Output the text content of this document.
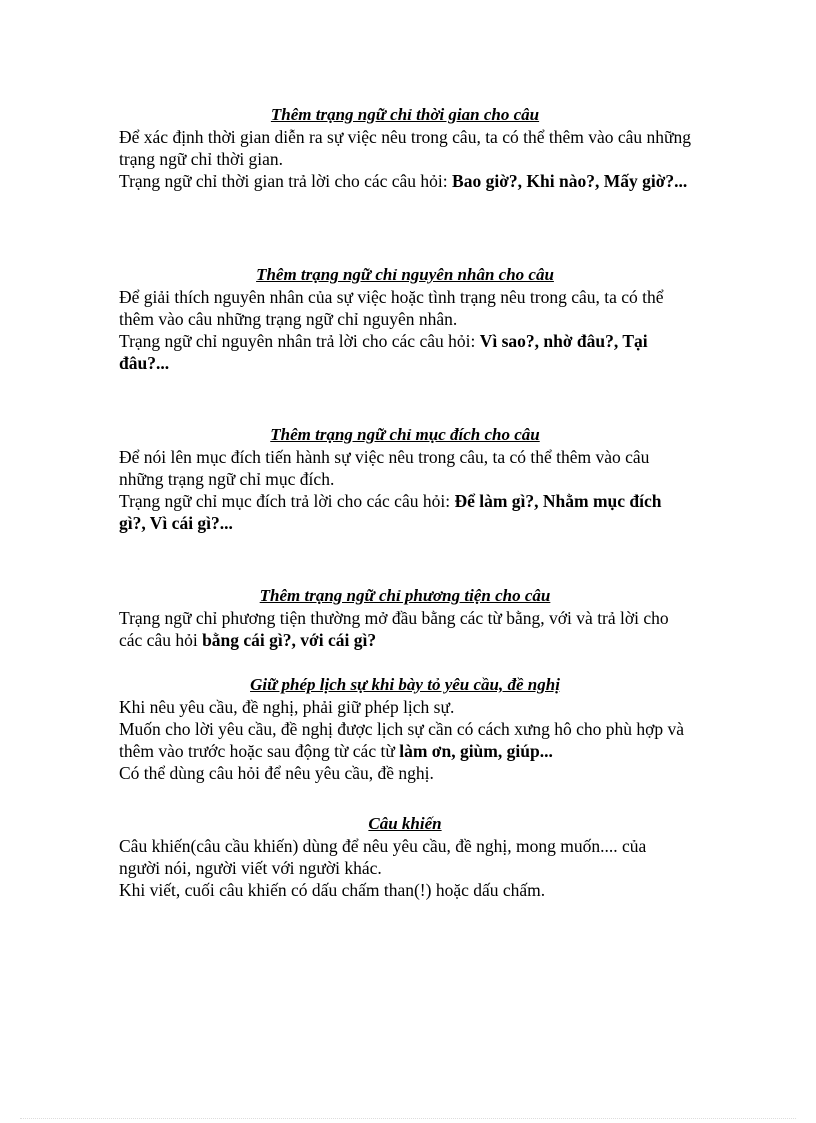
Thêm trạng ngữ chỉ thời gian cho câu

Để xác định thời gian diễn ra sự việc nêu trong câu, ta có thể thêm vào câu những trạng ngữ chỉ thời gian.

Trạng ngữ chỉ thời gian trả lời cho các câu hỏi: Bao giờ?, Khi nào?, Mấy giờ?...

Thêm trạng ngữ chỉ nguyên nhân cho câu

Để giải thích nguyên nhân của sự việc hoặc tình trạng nêu trong câu, ta có thể thêm vào câu những trạng ngữ chỉ nguyên nhân.

Trạng ngữ chỉ nguyên nhân trả lời cho các câu hỏi: Vì sao?, nhờ đâu?, Tại đâu?...

Thêm trạng ngữ chỉ mục đích cho câu

Để nói lên mục đích tiến hành sự việc nêu trong câu, ta có thể thêm vào câu những trạng ngữ chỉ mục đích.

Trạng ngữ chỉ mục đích trả lời cho các câu hỏi: Để làm gì?, Nhằm mục đích gì?, Vì cái gì?...

Thêm trạng ngữ chỉ phương tiện cho câu

Trạng ngữ chỉ phương tiện thường mở đầu bằng các từ bằng, với và trả lời cho các câu hỏi bằng cái gì?, với cái gì?

Giữ phép lịch sự khi bày tỏ yêu cầu, đề nghị

Khi nêu yêu cầu, đề nghị, phải giữ phép lịch sự.

Muốn cho lời yêu cầu, đề nghị được lịch sự cần có cách xưng hô cho phù hợp và thêm vào trước hoặc sau động từ các từ làm ơn, giùm, giúp...

Có thể dùng câu hỏi để nêu yêu cầu, đề nghị.

Câu khiến

Câu khiến(câu cầu khiến) dùng để nêu yêu cầu, đề nghị, mong muốn.... của người nói, người viết với người khác.

Khi viết, cuối câu khiến có dấu chấm than(!) hoặc dấu chấm.
